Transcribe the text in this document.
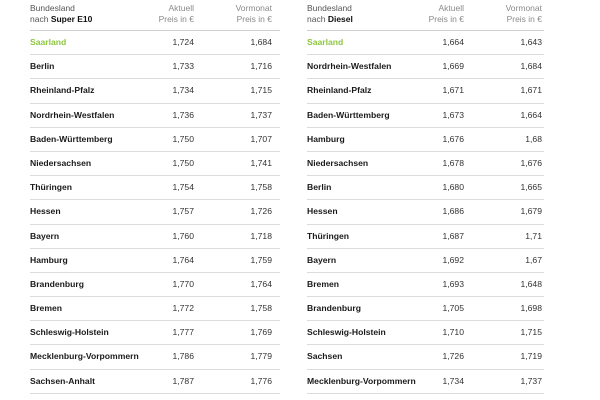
Bundesland
nach Super E10
Aktuell
Preis in €
Vormonat
Preis in €
Saarland	1,724	1,684
Berlin	1,733	1,716
Rheinland-Pfalz	1,734	1,715
Nordrhein-Westfalen	1,736	1,737
Baden-Württemberg	1,750	1,707
Niedersachsen	1,750	1,741
Thüringen	1,754	1,758
Hessen	1,757	1,726
Bayern	1,760	1,718
Hamburg	1,764	1,759
Brandenburg	1,770	1,764
Bremen	1,772	1,758
Schleswig-Holstein	1,777	1,769
Mecklenburg-Vorpommern	1,786	1,779
Sachsen-Anhalt	1,787	1,776
Bundesland
nach Diesel
Aktuell
Preis in €
Vormonat
Preis in €
Saarland	1,664	1,643
Nordrhein-Westfalen	1,669	1,684
Rheinland-Pfalz	1,671	1,671
Baden-Württemberg	1,673	1,664
Hamburg	1,676	1,68
Niedersachsen	1,678	1,676
Berlin	1,680	1,665
Hessen	1,686	1,679
Thüringen	1,687	1,71
Bayern	1,692	1,67
Bremen	1,693	1,648
Brandenburg	1,705	1,698
Schleswig-Holstein	1,710	1,715
Sachsen	1,726	1,719
Mecklenburg-Vorpommern	1,734	1,737
